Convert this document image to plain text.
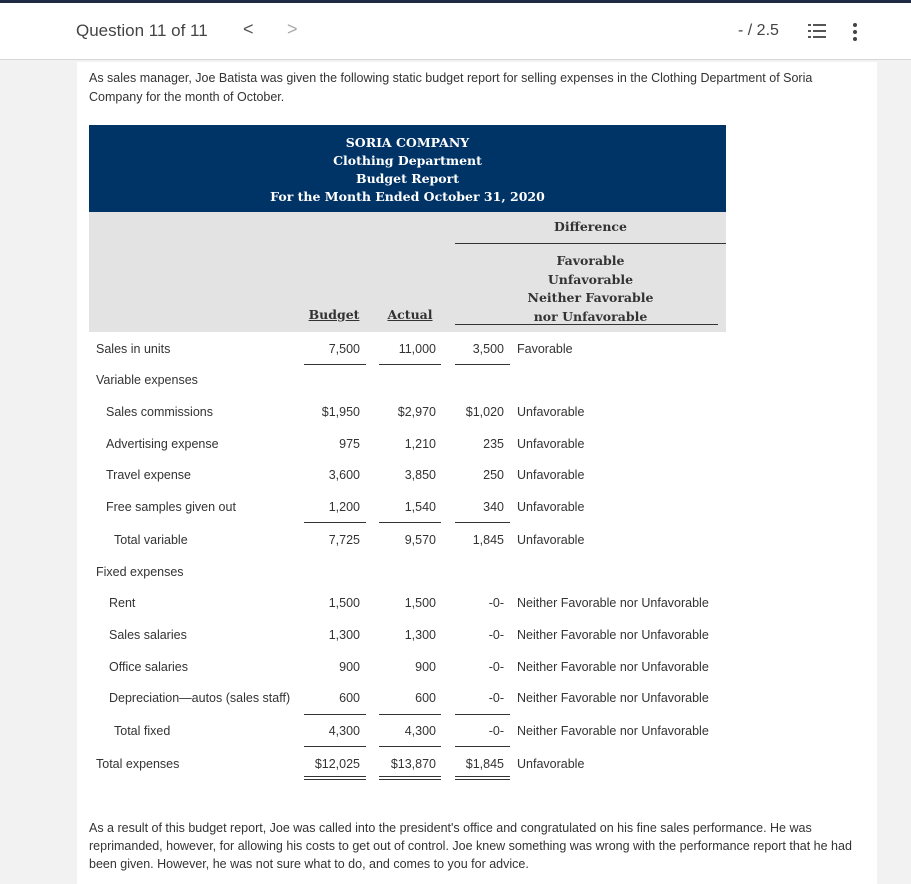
Question 11 of 11 < >	- / 2.5
As sales manager, Joe Batista was given the following static budget report for selling expenses in the Clothing Department of Soria Company for the month of October.
SORIA COMPANY
Clothing Department
Budget Report
For the Month Ended October 31, 2020
Difference
Favorable
Unfavorable
Neither Favorable
nor Unfavorable
Budget	Actual
Sales in units	7,500	11,000	3,500 Favorable
Variable expenses
Sales commissions	$1,950	$2,970	$1,020 Unfavorable
Advertising expense	975	1,210	235 Unfavorable
Travel expense	3,600	3,850	250 Unfavorable
Free samples given out	1,200	1,540	340 Unfavorable
Total variable	7,725	9,570	1,845 Unfavorable
Fixed expenses
Rent	1,500	1,500	-0- Neither Favorable nor Unfavorable
Sales salaries	1,300	1,300	-0- Neither Favorable nor Unfavorable
Office salaries	900	900	-0- Neither Favorable nor Unfavorable
Depreciation—autos (sales staff)	600	600	-0- Neither Favorable nor Unfavorable
Total fixed	4,300	4,300	-0- Neither Favorable nor Unfavorable
Total expenses	$12,025	$13,870	$1,845 Unfavorable
As a result of this budget report, Joe was called into the president's office and congratulated on his fine sales performance. He was reprimanded, however, for allowing his costs to get out of control. Joe knew something was wrong with the performance report that he had been given. However, he was not sure what to do, and comes to you for advice.
